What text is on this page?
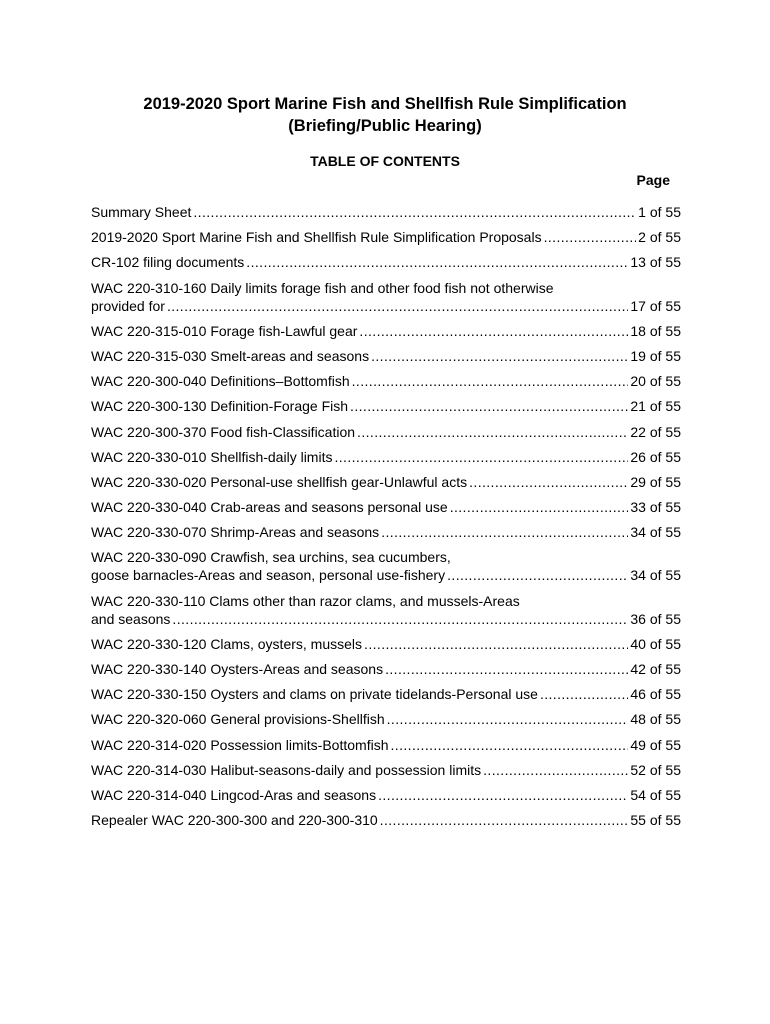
2019-2020 Sport Marine Fish and Shellfish Rule Simplification
(Briefing/Public Hearing)
TABLE OF CONTENTS
Page
Summary Sheet .....	1 of 55
2019-2020 Sport Marine Fish and Shellfish Rule Simplification Proposals .....	2 of 55
CR-102 filing documents .....	13 of 55
WAC 220-310-160 Daily limits forage fish and other food fish not otherwise
provided for .....	17 of 55
WAC 220-315-010 Forage fish-Lawful gear .....	18 of 55
WAC 220-315-030 Smelt-areas and seasons .....	19 of 55
WAC 220-300-040 Definitions–Bottomfish .....	20 of 55
WAC 220-300-130 Definition-Forage Fish .....	21 of 55
WAC 220-300-370 Food fish-Classification .....	22 of 55
WAC 220-330-010 Shellfish-daily limits .....	26 of 55
WAC 220-330-020 Personal-use shellfish gear-Unlawful acts .....	29 of 55
WAC 220-330-040 Crab-areas and seasons personal use .....	33 of 55
WAC 220-330-070 Shrimp-Areas and seasons .....	34 of 55
WAC 220-330-090 Crawfish, sea urchins, sea cucumbers,
goose barnacles-Areas and season, personal use-fishery .....	34 of 55
WAC 220-330-110 Clams other than razor clams, and mussels-Areas
and seasons .....	36 of 55
WAC 220-330-120 Clams, oysters, mussels .....	40 of 55
WAC 220-330-140 Oysters-Areas and seasons .....	42 of 55
WAC 220-330-150 Oysters and clams on private tidelands-Personal use .....	46 of 55
WAC 220-320-060 General provisions-Shellfish .....	48 of 55
WAC 220-314-020 Possession limits-Bottomfish .....	49 of 55
WAC 220-314-030 Halibut-seasons-daily and possession limits .....	52 of 55
WAC 220-314-040 Lingcod-Aras and seasons .....	54 of 55
Repealer WAC 220-300-300 and 220-300-310 .....	55 of 55
